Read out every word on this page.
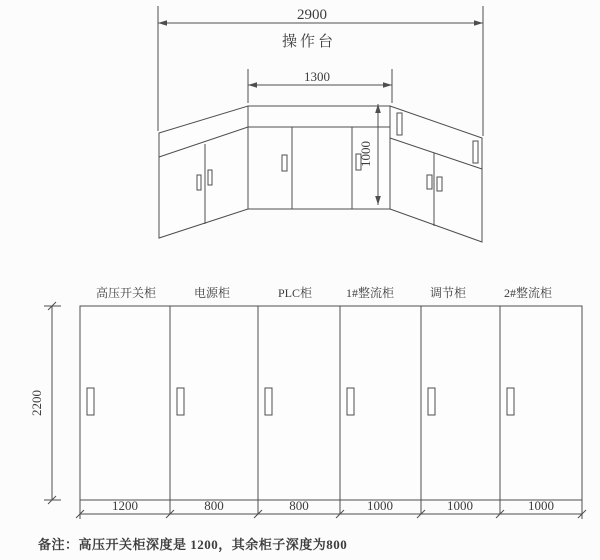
2900
操作台
1300
1000
高压开关柜	电源柜	PLC柜	1#整流柜	调节柜	2#整流柜
2200
1200	800	800	1000	1000	1000
备注：高压开关柜深度是 1200，其余柜子深度为800
